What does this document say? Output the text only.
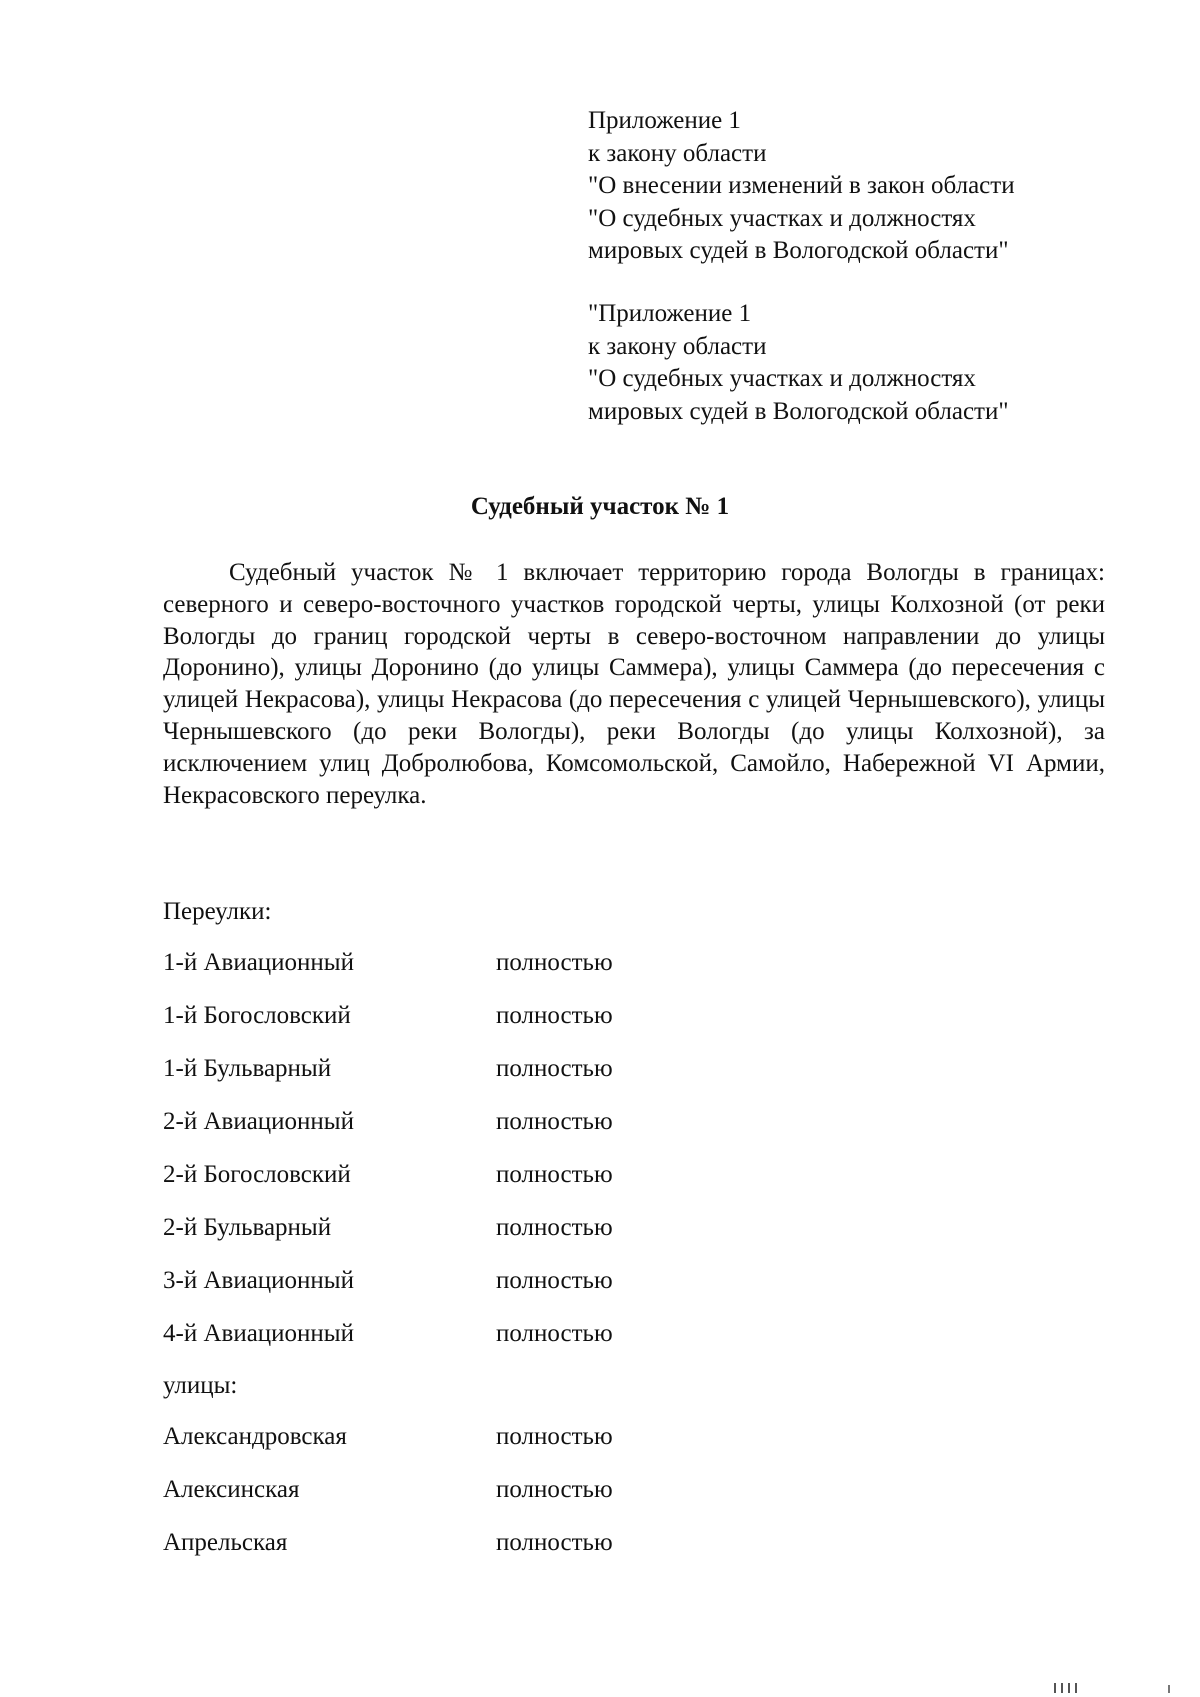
Приложение 1
к закону области
"О внесении изменений в закон области
"О судебных участках и должностях
мировых судей в Вологодской области"
"Приложение 1
к закону области
"О судебных участках и должностях
мировых судей в Вологодской области"
Судебный участок № 1

Судебный участок № 1 включает территорию города Вологды в границах: северного и северо-восточного участков городской черты, улицы Колхозной (от реки Вологды до границ городской черты в северо-восточном направлении до улицы Доронино), улицы Доронино (до улицы Саммера), улицы Саммера (до пересечения с улицей Некрасова), улицы Некрасова (до пересечения с улицей Чернышевского), улицы Чернышевского (до реки Вологды), реки Вологды (до улицы Колхозной), за исключением улиц Добролюбова, Комсомольской, Самойло, Набережной VI Армии, Некрасовского переулка.

Переулки:
1-й Авиационный	полностью
1-й Богословский	полностью
1-й Бульварный	полностью
2-й Авиационный	полностью
2-й Богословский	полностью
2-й Бульварный	полностью
3-й Авиационный	полностью
4-й Авиационный	полностью
улицы:
Александровская	полностью
Алексинская	полностью
Апрельская	полностью
